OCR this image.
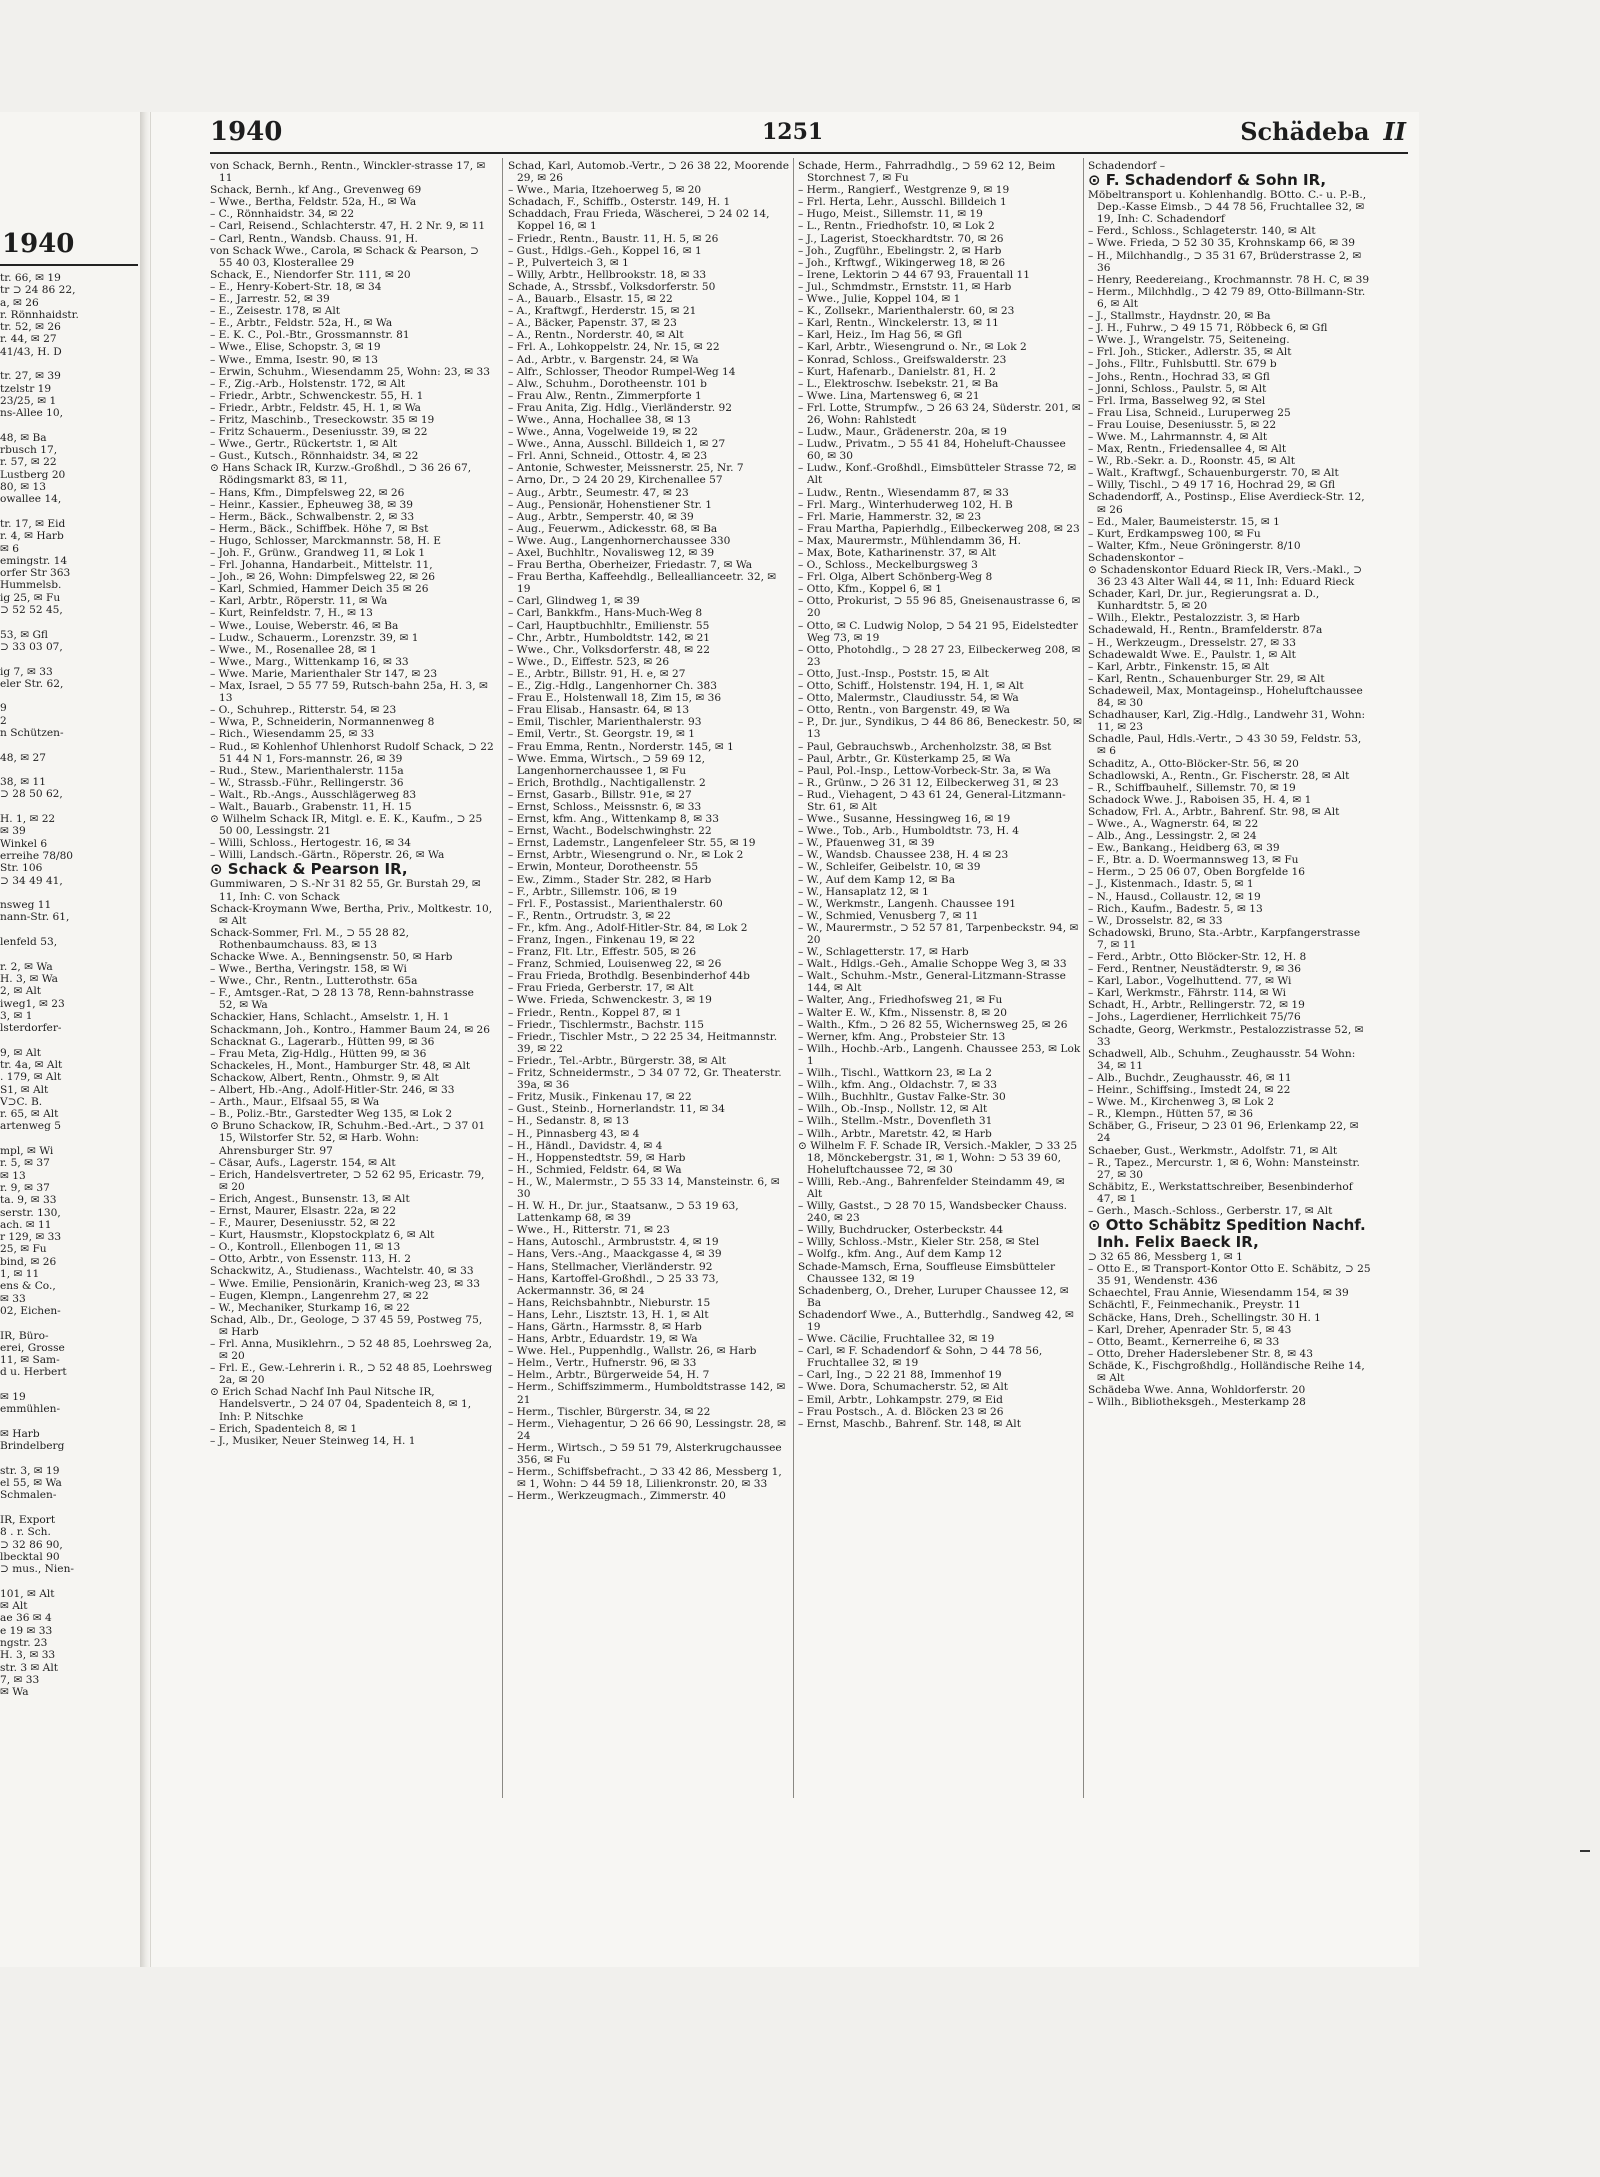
1940
tr. 66, ✉ 19
tr ⊃ 24 86 22,
a, ✉ 26
r. Rönnhaidstr.
tr. 52, ✉ 26
r. 44, ✉ 27
41/43, H. D

tr. 27, ✉ 39
tzelstr 19
23/25, ✉ 1
ns-Allee 10,

48, ✉ Ba
rbusch 17,
r. 57, ✉ 22
Lustberg 20
80, ✉ 13
owallee 14,

tr. 17, ✉ Eid
r. 4, ✉ Harb
✉ 6
emingstr. 14
orfer Str 363
Hummelsb.
ig 25, ✉ Fu
⊃ 52 52 45,

53, ✉ Gfl
⊃ 33 03 07,

ig 7, ✉ 33
eler Str. 62,

9
2
n Schützen-

48, ✉ 27

38, ✉ 11
⊃ 28 50 62,

H. 1, ✉ 22
✉ 39
Winkel 6
erreihe 78/80
Str. 106
⊃ 34 49 41,

nsweg 11
nann-Str. 61,

lenfeld 53,

r. 2, ✉ Wa
H. 3, ✉ Wa
2, ✉ Alt
iweg1, ✉ 23
3, ✉ 1
lsterdorfer-

9, ✉ Alt
tr. 4a, ✉ Alt
. 179, ✉ Alt
S1, ✉ Alt
V⊃C. B.
r. 65, ✉ Alt
artenweg 5

mpl, ✉ Wi
r. 5, ✉ 37
✉ 13
r. 9, ✉ 37
ta. 9, ✉ 33
serstr. 130,
ach. ✉ 11
r 129, ✉ 33
25, ✉ Fu
bind, ✉ 26
1, ✉ 11
ens & Co.,
✉ 33
02, Eichen-

IR, Büro-
erei, Grosse
11, ✉ Sam-
d u. Herbert

✉ 19
emmühlen-

✉ Harb
Brindelberg

str. 3, ✉ 19
el 55, ✉ Wa
Schmalen-

IR, Export
8 . r. Sch.
⊃ 32 86 90,
lbecktal 90
⊃ mus., Nien-

101, ✉ Alt
✉ Alt
ae 36 ✉ 4
e 19 ✉ 33
ngstr. 23
H. 3, ✉ 33
str. 3 ✉ Alt
7, ✉ 33
✉ Wa
1940	1251	Schädeba II

von Schack, Bernh., Rentn., Winckler-strasse 17, ✉ 11

Schack, Bernh., kf Ang., Grevenweg 69

– Wwe., Bertha, Feldstr. 52a, H., ✉ Wa

– C., Rönnhaidstr. 34, ✉ 22

– Carl, Reisend., Schlachterstr. 47, H. 2 Nr. 9, ✉ 11

– Carl, Rentn., Wandsb. Chauss. 91, H.

von Schack Wwe., Carola, ✉ Schack & Pearson, ⊃ 55 40 03, Klosterallee 29

Schack, E., Niendorfer Str. 111, ✉ 20

– E., Henry-Kobert-Str. 18, ✉ 34

– E., Jarrestr. 52, ✉ 39

– E., Zeisestr. 178, ✉ Alt

– E., Arbtr., Feldstr. 52a, H., ✉ Wa

– E. K. C., Pol.-Btr., Grossmannstr. 81

– Wwe., Elise, Schopstr. 3, ✉ 19

– Wwe., Emma, Isestr. 90, ✉ 13

– Erwin, Schuhm., Wiesendamm 25, Wohn: 23, ✉ 33

– F., Zig.-Arb., Holstenstr. 172, ✉ Alt

– Friedr., Arbtr., Schwenckestr. 55, H. 1

– Friedr., Arbtr., Feldstr. 45, H. 1, ✉ Wa

– Fritz, Maschinb., Treseckowstr. 35 ✉ 19

– Fritz Schauerm., Deseniusstr. 39, ✉ 22

– Wwe., Gertr., Rückertstr. 1, ✉ Alt

– Gust., Kutsch., Rönnhaidstr. 34, ✉ 22

⊙ Hans Schack IR, Kurzw.-Großhdl., ⊃ 36 26 67, Rödingsmarkt 83, ✉ 11,

– Hans, Kfm., Dimpfelsweg 22, ✉ 26

– Heinr., Kassier., Epheuweg 38, ✉ 39

– Herm., Bäck., Schwalbenstr. 2, ✉ 33

– Herm., Bäck., Schiffbek. Höhe 7, ✉ Bst

– Hugo, Schlosser, Marckmannstr. 58, H. E

– Joh. F., Grünw., Grandweg 11, ✉ Lok 1

– Frl. Johanna, Handarbeit., Mittelstr. 11,

– Joh., ✉ 26, Wohn: Dimpfelsweg 22, ✉ 26

– Karl, Schmied, Hammer Deich 35 ✉ 26

– Karl, Arbtr., Röperstr. 11, ✉ Wa

– Kurt, Reinfeldstr. 7, H., ✉ 13

– Wwe., Louise, Weberstr. 46, ✉ Ba

– Ludw., Schauerm., Lorenzstr. 39, ✉ 1

– Wwe., M., Rosenallee 28, ✉ 1

– Wwe., Marg., Wittenkamp 16, ✉ 33

– Wwe. Marie, Marienthaler Str 147, ✉ 23

– Max, Israel, ⊃ 55 77 59, Rutsch-bahn 25a, H. 3, ✉ 13

– O., Schuhrep., Ritterstr. 54, ✉ 23

– Wwa, P., Schneiderin, Normannenweg 8

– Rich., Wiesendamm 25, ✉ 33

– Rud., ✉ Kohlenhof Uhlenhorst Rudolf Schack, ⊃ 22 51 44 N 1, Fors-mannstr. 26, ✉ 39

– Rud., Stew., Marienthalerstr. 115a

– W., Strassb.-Führ., Rellingerstr. 36

– Walt., Rb.-Angs., Ausschlägerweg 83

– Walt., Bauarb., Grabenstr. 11, H. 15

⊙ Wilhelm Schack IR, Mitgl. e. E. K., Kaufm., ⊃ 25 50 00, Lessingstr. 21

– Willi, Schloss., Hertogestr. 16, ✉ 34

– Willi, Landsch.-Gärtn., Röperstr. 26, ✉ Wa

⊙ Schack & Pearson IR,

Gummiwaren, ⊃ S.-Nr 31 82 55, Gr. Burstah 29, ✉ 11, Inh: C. von Schack

Schack-Kroymann Wwe, Bertha, Priv., Moltkestr. 10, ✉ Alt

Schack-Sommer, Frl. M., ⊃ 55 28 82, Rothenbaumchauss. 83, ✉ 13

Schacke Wwe. A., Benningsenstr. 50, ✉ Harb

– Wwe., Bertha, Veringstr. 158, ✉ Wi

– Wwe., Chr., Rentn., Lutterothstr. 65a

– F., Amtsger.-Rat, ⊃ 28 13 78, Renn-bahnstrasse 52, ✉ Wa

Schackier, Hans, Schlacht., Amselstr. 1, H. 1

Schackmann, Joh., Kontro., Hammer Baum 24, ✉ 26

Schacknat G., Lagerarb., Hütten 99, ✉ 36

– Frau Meta, Zig-Hdlg., Hütten 99, ✉ 36

Schackeles, H., Mont., Hamburger Str. 48, ✉ Alt

Schackow, Albert, Rentn., Ohmstr. 9, ✉ Alt

– Albert, Hb.-Ang., Adolf-Hitler-Str. 246, ✉ 33

– Arth., Maur., Elfsaal 55, ✉ Wa

– B., Poliz.-Btr., Garstedter Weg 135, ✉ Lok 2

⊙ Bruno Schackow, IR, Schuhm.-Bed.-Art., ⊃ 37 01 15, Wilstorfer Str. 52, ✉ Harb. Wohn: Ahrensburger Str. 97

– Cäsar, Aufs., Lagerstr. 154, ✉ Alt

– Erich, Handelsvertreter, ⊃ 52 62 95, Ericastr. 79, ✉ 20

– Erich, Angest., Bunsenstr. 13, ✉ Alt

– Ernst, Maurer, Elsastr. 22a, ✉ 22

– F., Maurer, Deseniusstr. 52, ✉ 22

– Kurt, Hausmstr., Klopstockplatz 6, ✉ Alt

– O., Kontroll., Ellenbogen 11, ✉ 13

– Otto, Arbtr., von Essenstr. 113, H. 2

Schackwitz, A., Studienass., Wachtelstr. 40, ✉ 33

– Wwe. Emilie, Pensionärin, Kranich-weg 23, ✉ 33

– Eugen, Klempn., Langenrehm 27, ✉ 22

– W., Mechaniker, Sturkamp 16, ✉ 22

Schad, Alb., Dr., Geologe, ⊃ 37 45 59, Postweg 75, ✉ Harb

– Frl. Anna, Musiklehrn., ⊃ 52 48 85, Loehrsweg 2a, ✉ 20

– Frl. E., Gew.-Lehrerin i. R., ⊃ 52 48 85, Loehrsweg 2a, ✉ 20

⊙ Erich Schad Nachf Inh Paul Nitsche IR, Handelsvertr., ⊃ 24 07 04, Spadenteich 8, ✉ 1, Inh: P. Nitschke

– Erich, Spadenteich 8, ✉ 1

– J., Musiker, Neuer Steinweg 14, H. 1

Schad, Karl, Automob.-Vertr., ⊃ 26 38 22, Moorende 29, ✉ 26

– Wwe., Maria, Itzehoerweg 5, ✉ 20

Schadach, F., Schiffb., Osterstr. 149, H. 1

Schaddach, Frau Frieda, Wäscherei, ⊃ 24 02 14, Koppel 16, ✉ 1

– Friedr., Rentn., Baustr. 11, H. 5, ✉ 26

– Gust., Hdlgs.-Geh., Koppel 16, ✉ 1

– P., Pulverteich 3, ✉ 1

– Willy, Arbtr., Hellbrookstr. 18, ✉ 33

Schade, A., Strssbf., Volksdorferstr. 50

– A., Bauarb., Elsastr. 15, ✉ 22

– A., Kraftwgf., Herderstr. 15, ✉ 21

– A., Bäcker, Papenstr. 37, ✉ 23

– A., Rentn., Norderstr. 40, ✉ Alt

– Frl. A., Lohkoppelstr. 24, Nr. 15, ✉ 22

– Ad., Arbtr., v. Bargenstr. 24, ✉ Wa

– Alfr., Schlosser, Theodor Rumpel-Weg 14

– Alw., Schuhm., Dorotheenstr. 101 b

– Frau Alw., Rentn., Zimmerpforte 1

– Frau Anita, Zig. Hdlg., Vierländerstr. 92

– Wwe., Anna, Hochallee 38, ✉ 13

– Wwe., Anna, Vogelweide 19, ✉ 22

– Wwe., Anna, Ausschl. Billdeich 1, ✉ 27

– Frl. Anni, Schneid., Ottostr. 4, ✉ 23

– Antonie, Schwester, Meissnerstr. 25, Nr. 7

– Arno, Dr., ⊃ 24 20 29, Kirchenallee 57

– Aug., Arbtr., Seumestr. 47, ✉ 23

– Aug., Pensionär, Hohenstiener Str. 1

– Aug., Arbtr., Semperstr. 40, ✉ 39

– Aug., Feuerwm., Adickesstr. 68, ✉ Ba

– Wwe. Aug., Langenhornerchaussee 330

– Axel, Buchhltr., Novalisweg 12, ✉ 39

– Frau Bertha, Oberheizer, Friedastr. 7, ✉ Wa

– Frau Bertha, Kaffeehdlg., Belleallianceetr. 32, ✉ 19

– Carl, Glindweg 1, ✉ 39

– Carl, Bankkfm., Hans-Much-Weg 8

– Carl, Hauptbuchhltr., Emilienstr. 55

– Chr., Arbtr., Humboldtstr. 142, ✉ 21

– Wwe., Chr., Volksdorferstr. 48, ✉ 22

– Wwe., D., Eiffestr. 523, ✉ 26

– E., Arbtr., Billstr. 91, H. e, ✉ 27

– E., Zig.-Hdlg., Langenhorner Ch. 383

– Frau E., Holstenwall 18, Zim 15, ✉ 36

– Frau Elisab., Hansastr. 64, ✉ 13

– Emil, Tischler, Marienthalerstr. 93

– Emil, Vertr., St. Georgstr. 19, ✉ 1

– Frau Emma, Rentn., Norderstr. 145, ✉ 1

– Wwe. Emma, Wirtsch., ⊃ 59 69 12, Langenhornerchaussee 1, ✉ Fu

– Erich, Brothdlg., Nachtigallenstr. 2

– Ernst, Gasarb., Billstr. 91e, ✉ 27

– Ernst, Schloss., Meissnstr. 6, ✉ 33

– Ernst, kfm. Ang., Wittenkamp 8, ✉ 33

– Ernst, Wacht., Bodelschwinghstr. 22

– Ernst, Lademstr., Langenfeleer Str. 55, ✉ 19

– Ernst, Arbtr., Wiesengrund o. Nr., ✉ Lok 2

– Erwin, Monteur, Dorotheenstr. 55

– Ew., Zimm., Stader Str. 282, ✉ Harb

– F., Arbtr., Sillemstr. 106, ✉ 19

– Frl. F., Postassist., Marienthalerstr. 60

– F., Rentn., Ortrudstr. 3, ✉ 22

– Fr., kfm. Ang., Adolf-Hitler-Str. 84, ✉ Lok 2

– Franz, Ingen., Finkenau 19, ✉ 22

– Franz, Flt. Ltr., Effestr. 505, ✉ 26

– Franz, Schmied, Louisenweg 22, ✉ 26

– Frau Frieda, Brothdlg. Besenbinderhof 44b

– Frau Frieda, Gerberstr. 17, ✉ Alt

– Wwe. Frieda, Schwenckestr. 3, ✉ 19

– Friedr., Rentn., Koppel 87, ✉ 1

– Friedr., Tischlermstr., Bachstr. 115

– Friedr., Tischler Mstr., ⊃ 22 25 34, Heitmannstr. 39, ✉ 22

– Friedr., Tel.-Arbtr., Bürgerstr. 38, ✉ Alt

– Fritz, Schneidermstr., ⊃ 34 07 72, Gr. Theaterstr. 39a, ✉ 36

– Fritz, Musik., Finkenau 17, ✉ 22

– Gust., Steinb., Hornerlandstr. 11, ✉ 34

– H., Sedanstr. 8, ✉ 13

– H., Pinnasberg 43, ✉ 4

– H., Händl., Davidstr. 4, ✉ 4

– H., Hoppenstedtstr. 59, ✉ Harb

– H., Schmied, Feldstr. 64, ✉ Wa

– H., W., Malermstr., ⊃ 55 33 14, Mansteinstr. 6, ✉ 30

– H. W. H., Dr. jur., Staatsanw., ⊃ 53 19 63, Lattenkamp 68, ✉ 39

– Wwe., H., Ritterstr. 71, ✉ 23

– Hans, Autoschl., Armbruststr. 4, ✉ 19

– Hans, Vers.-Ang., Maackgasse 4, ✉ 39

– Hans, Stellmacher, Vierländerstr. 92

– Hans, Kartoffel-Großhdl., ⊃ 25 33 73, Ackermannstr. 36, ✉ 24

– Hans, Reichsbahnbtr., Nieburstr. 15

– Hans, Lehr., Lisztstr. 13, H. 1, ✉ Alt

– Hans, Gärtn., Harmsstr. 8, ✉ Harb

– Hans, Arbtr., Eduardstr. 19, ✉ Wa

– Wwe. Hel., Puppenhdlg., Wallstr. 26, ✉ Harb

– Helm., Vertr., Hufnerstr. 96, ✉ 33

– Helm., Arbtr., Bürgerweide 54, H. 7

– Herm., Schiffszimmerm., Humboldtstrasse 142, ✉ 21

– Herm., Tischler, Bürgerstr. 34, ✉ 22

– Herm., Viehagentur, ⊃ 26 66 90, Lessingstr. 28, ✉ 24

– Herm., Wirtsch., ⊃ 59 51 79, Alsterkrugchaussee 356, ✉ Fu

– Herm., Schiffsbefracht., ⊃ 33 42 86, Messberg 1, ✉ 1, Wohn: ⊃ 44 59 18, Lilienkronstr. 20, ✉ 33

– Herm., Werkzeugmach., Zimmerstr. 40

Schade, Herm., Fahrradhdlg., ⊃ 59 62 12, Beim Storchnest 7, ✉ Fu

– Herm., Rangierf., Westgrenze 9, ✉ 19

– Frl. Herta, Lehr., Ausschl. Billdeich 1

– Hugo, Meist., Sillemstr. 11, ✉ 19

– L., Rentn., Friedhofstr. 10, ✉ Lok 2

– J., Lagerist, Stoeckhardtstr. 70, ✉ 26

– Joh., Zugführ., Ebelingstr. 2, ✉ Harb

– Joh., Krftwgf., Wikingerweg 18, ✉ 26

– Irene, Lektorin ⊃ 44 67 93, Frauentall 11

– Jul., Schmdmstr., Ernststr. 11, ✉ Harb

– Wwe., Julie, Koppel 104, ✉ 1

– K., Zollsekr., Marienthalerstr. 60, ✉ 23

– Karl, Rentn., Winckelerstr. 13, ✉ 11

– Karl, Heiz., Im Hag 56, ✉ Gfl

– Karl, Arbtr., Wiesengrund o. Nr., ✉ Lok 2

– Konrad, Schloss., Greifswalderstr. 23

– Kurt, Hafenarb., Danielstr. 81, H. 2

– L., Elektroschw. Isebekstr. 21, ✉ Ba

– Wwe. Lina, Martensweg 6, ✉ 21

– Frl. Lotte, Strumpfw., ⊃ 26 63 24, Süderstr. 201, ✉ 26, Wohn: Rahlstedt

– Ludw., Maur., Grädenerstr. 20a, ✉ 19

– Ludw., Privatm., ⊃ 55 41 84, Hoheluft-Chaussee 60, ✉ 30

– Ludw., Konf.-Großhdl., Eimsbütteler Strasse 72, ✉ Alt

– Ludw., Rentn., Wiesendamm 87, ✉ 33

– Frl. Marg., Winterhuderweg 102, H. B

– Frl. Marie, Hammerstr. 32, ✉ 23

– Frau Martha, Papierhdlg., Eilbeckerweg 208, ✉ 23

– Max, Maurermstr., Mühlendamm 36, H.

– Max, Bote, Katharinenstr. 37, ✉ Alt

– O., Schloss., Meckelburgsweg 3

– Frl. Olga, Albert Schönberg-Weg 8

– Otto, Kfm., Koppel 6, ✉ 1

– Otto, Prokurist, ⊃ 55 96 85, Gneisenaustrasse 6, ✉ 20

– Otto, ✉ C. Ludwig Nolop, ⊃ 54 21 95, Eidelstedter Weg 73, ✉ 19

– Otto, Photohdlg., ⊃ 28 27 23, Eilbeckerweg 208, ✉ 23

– Otto, Just.-Insp., Poststr. 15, ✉ Alt

– Otto, Schiff., Holstenstr. 194, H. 1, ✉ Alt

– Otto, Malermstr., Claudiusstr. 54, ✉ Wa

– Otto, Rentn., von Bargenstr. 49, ✉ Wa

– P., Dr. jur., Syndikus, ⊃ 44 86 86, Beneckestr. 50, ✉ 13

– Paul, Gebrauchswb., Archenholzstr. 38, ✉ Bst

– Paul, Arbtr., Gr. Küsterkamp 25, ✉ Wa

– Paul, Pol.-Insp., Lettow-Vorbeck-Str. 3a, ✉ Wa

– R., Grünw., ⊃ 26 31 12, Eilbeckerweg 31, ✉ 23

– Rud., Viehagent, ⊃ 43 61 24, General-Litzmann-Str. 61, ✉ Alt

– Wwe., Susanne, Hessingweg 16, ✉ 19

– Wwe., Tob., Arb., Humboldtstr. 73, H. 4

– W., Pfauenweg 31, ✉ 39

– W., Wandsb. Chaussee 238, H. 4 ✉ 23

– W., Schleifer, Geibelstr. 10, ✉ 39

– W., Auf dem Kamp 12, ✉ Ba

– W., Hansaplatz 12, ✉ 1

– W., Werkmstr., Langenh. Chaussee 191

– W., Schmied, Venusberg 7, ✉ 11

– W., Maurermstr., ⊃ 52 57 81, Tarpenbeckstr. 94, ✉ 20

– W., Schlagetterstr. 17, ✉ Harb

– Walt., Hdlgs.-Geh., Amalie Schoppe Weg 3, ✉ 33

– Walt., Schuhm.-Mstr., General-Litzmann-Strasse 144, ✉ Alt

– Walter, Ang., Friedhofsweg 21, ✉ Fu

– Walter E. W., Kfm., Nissenstr. 8, ✉ 20

– Walth., Kfm., ⊃ 26 82 55, Wichernsweg 25, ✉ 26

– Werner, kfm. Ang., Probsteier Str. 13

– Wilh., Hochb.-Arb., Langenh. Chaussee 253, ✉ Lok 1

– Wilh., Tischl., Wattkorn 23, ✉ La 2

– Wilh., kfm. Ang., Oldachstr. 7, ✉ 33

– Wilh., Buchhltr., Gustav Falke-Str. 30

– Wilh., Ob.-Insp., Nollstr. 12, ✉ Alt

– Wilh., Stellm.-Mstr., Dovenfleth 31

– Wilh., Arbtr., Maretstr. 42, ✉ Harb

⊙ Wilhelm F. F. Schade IR, Versich.-Makler, ⊃ 33 25 18, Mönckebergstr. 31, ✉ 1, Wohn: ⊃ 53 39 60, Hoheluftchaussee 72, ✉ 30

– Willi, Reb.-Ang., Bahrenfelder Steindamm 49, ✉ Alt

– Willy, Gastst., ⊃ 28 70 15, Wandsbecker Chauss. 240, ✉ 23

– Willy, Buchdrucker, Osterbeckstr. 44

– Willy, Schloss.-Mstr., Kieler Str. 258, ✉ Stel

– Wolfg., kfm. Ang., Auf dem Kamp 12

Schade-Mamsch, Erna, Souffleuse Eimsbütteler Chaussee 132, ✉ 19

Schadenberg, O., Dreher, Luruper Chaussee 12, ✉ Ba

Schadendorf Wwe., A., Butterhdlg., Sandweg 42, ✉ 19

– Wwe. Cäcilie, Fruchtallee 32, ✉ 19

– Carl, ✉ F. Schadendorf & Sohn, ⊃ 44 78 56, Fruchtallee 32, ✉ 19

– Carl, Ing., ⊃ 22 21 88, Immenhof 19

– Wwe. Dora, Schumacherstr. 52, ✉ Alt

– Emil, Arbtr., Lohkampstr. 279, ✉ Eid

– Frau Postsch., A. d. Blöcken 23 ✉ 26

– Ernst, Maschb., Bahrenf. Str. 148, ✉ Alt

Schadendorf –

⊙ F. Schadendorf & Sohn IR,

Möbeltransport u. Kohlenhandlg. BOtto. C.- u. P.-B., Dep.-Kasse Eimsb., ⊃ 44 78 56, Fruchtallee 32, ✉ 19, Inh: C. Schadendorf

– Ferd., Schloss., Schlageterstr. 140, ✉ Alt

– Wwe. Frieda, ⊃ 52 30 35, Krohnskamp 66, ✉ 39

– H., Milchhandlg., ⊃ 35 31 67, Brüderstrasse 2, ✉ 36

– Henry, Reedereiang., Krochmannstr. 78 H. C, ✉ 39

– Herm., Milchhdlg., ⊃ 42 79 89, Otto-Billmann-Str. 6, ✉ Alt

– J., Stallmstr., Haydnstr. 20, ✉ Ba

– J. H., Fuhrw., ⊃ 49 15 71, Röbbeck 6, ✉ Gfl

– Wwe. J., Wrangelstr. 75, Seiteneing.

– Frl. Joh., Sticker., Adlerstr. 35, ✉ Alt

– Johs., Flltr., Fuhlsbuttl. Str. 679 b

– Johs., Rentn., Hochrad 33, ✉ Gfl

– Jonni, Schloss., Paulstr. 5, ✉ Alt

– Frl. Irma, Basselweg 92, ✉ Stel

– Frau Lisa, Schneid., Luruperweg 25

– Frau Louise, Deseniusstr. 5, ✉ 22

– Wwe. M., Lahrmannstr. 4, ✉ Alt

– Max, Rentn., Friedensallee 4, ✉ Alt

– W., Rb.-Sekr. a. D., Roonstr. 45, ✉ Alt

– Walt., Kraftwgf., Schauenburgerstr. 70, ✉ Alt

– Willy, Tischl., ⊃ 49 17 16, Hochrad 29, ✉ Gfl

Schadendorff, A., Postinsp., Elise Averdieck-Str. 12, ✉ 26

– Ed., Maler, Baumeisterstr. 15, ✉ 1

– Kurt, Erdkampsweg 100, ✉ Fu

– Walter, Kfm., Neue Gröningerstr. 8/10

Schadenskontor –

⊙ Schadenskontor Eduard Rieck IR, Vers.-Makl., ⊃ 36 23 43 Alter Wall 44, ✉ 11, Inh: Eduard Rieck

Schader, Karl, Dr. jur., Regierungsrat a. D., Kunhardtstr. 5, ✉ 20

– Wilh., Elektr., Pestalozzistr. 3, ✉ Harb

Schadewald, H., Rentn., Bramfelderstr. 87a

– H., Werkzeugm., Dresselstr. 27, ✉ 33

Schadewaldt Wwe. E., Paulstr. 1, ✉ Alt

– Karl, Arbtr., Finkenstr. 15, ✉ Alt

– Karl, Rentn., Schauenburger Str. 29, ✉ Alt

Schadeweil, Max, Montageinsp., Hoheluftchaussee 84, ✉ 30

Schadhauser, Karl, Zig.-Hdlg., Landwehr 31, Wohn: 11, ✉ 23

Schadle, Paul, Hdls.-Vertr., ⊃ 43 30 59, Feldstr. 53, ✉ 6

Schaditz, A., Otto-Blöcker-Str. 56, ✉ 20

Schadlowski, A., Rentn., Gr. Fischerstr. 28, ✉ Alt

– R., Schiffbauhelf., Sillemstr. 70, ✉ 19

Schadock Wwe. J., Raboisen 35, H. 4, ✉ 1

Schadow, Frl. A., Arbtr., Bahrenf. Str. 98, ✉ Alt

– Wwe., A., Wagnerstr. 64, ✉ 22

– Alb., Ang., Lessingstr. 2, ✉ 24

– Ew., Bankang., Heidberg 63, ✉ 39

– F., Btr. a. D. Woermannsweg 13, ✉ Fu

– Herm., ⊃ 25 06 07, Oben Borgfelde 16

– J., Kistenmach., Idastr. 5, ✉ 1

– N., Hausd., Collaustr. 12, ✉ 19

– Rich., Kaufm., Badestr. 5, ✉ 13

– W., Drosselstr. 82, ✉ 33

Schadowski, Bruno, Sta.-Arbtr., Karpfangerstrasse 7, ✉ 11

– Ferd., Arbtr., Otto Blöcker-Str. 12, H. 8

– Ferd., Rentner, Neustädterstr. 9, ✉ 36

– Karl, Labor., Vogelhuttend. 77, ✉ Wi

– Karl, Werkmstr., Fährstr. 114, ✉ Wi

Schadt, H., Arbtr., Rellingerstr. 72, ✉ 19

– Johs., Lagerdiener, Herrlichkeit 75/76

Schadte, Georg, Werkmstr., Pestalozzistrasse 52, ✉ 33

Schadwell, Alb., Schuhm., Zeughausstr. 54 Wohn: 34, ✉ 11

– Alb., Buchdr., Zeughausstr. 46, ✉ 11

– Heinr., Schiffsing., Imstedt 24, ✉ 22

– Wwe. M., Kirchenweg 3, ✉ Lok 2

– R., Klempn., Hütten 57, ✉ 36

Schäber, G., Friseur, ⊃ 23 01 96, Erlenkamp 22, ✉ 24

Schaeber, Gust., Werkmstr., Adolfstr. 71, ✉ Alt

– R., Tapez., Mercurstr. 1, ✉ 6, Wohn: Mansteinstr. 27, ✉ 30

Schäbitz, E., Werkstattschreiber, Besenbinderhof 47, ✉ 1

– Gerh., Masch.-Schloss., Gerberstr. 17, ✉ Alt

⊙ Otto Schäbitz Spedition Nachf. Inh. Felix Baeck IR,

⊃ 32 65 86, Messberg 1, ✉ 1

– Otto E., ✉ Transport-Kontor Otto E. Schäbitz, ⊃ 25 35 91, Wendenstr. 436

Schaechtel, Frau Annie, Wiesendamm 154, ✉ 39

Schächtl, F., Feinmechanik., Preystr. 11

Schäcke, Hans, Dreh., Schellingstr. 30 H. 1

– Karl, Dreher, Apenrader Str. 5, ✉ 43

– Otto, Beamt., Kernerreihe 6, ✉ 33

– Otto, Dreher Haderslebener Str. 8, ✉ 43

Schäde, K., Fischgroßhdlg., Holländische Reihe 14, ✉ Alt

Schädeba Wwe. Anna, Wohldorferstr. 20

– Wilh., Bibliotheksgeh., Mesterkamp 28
